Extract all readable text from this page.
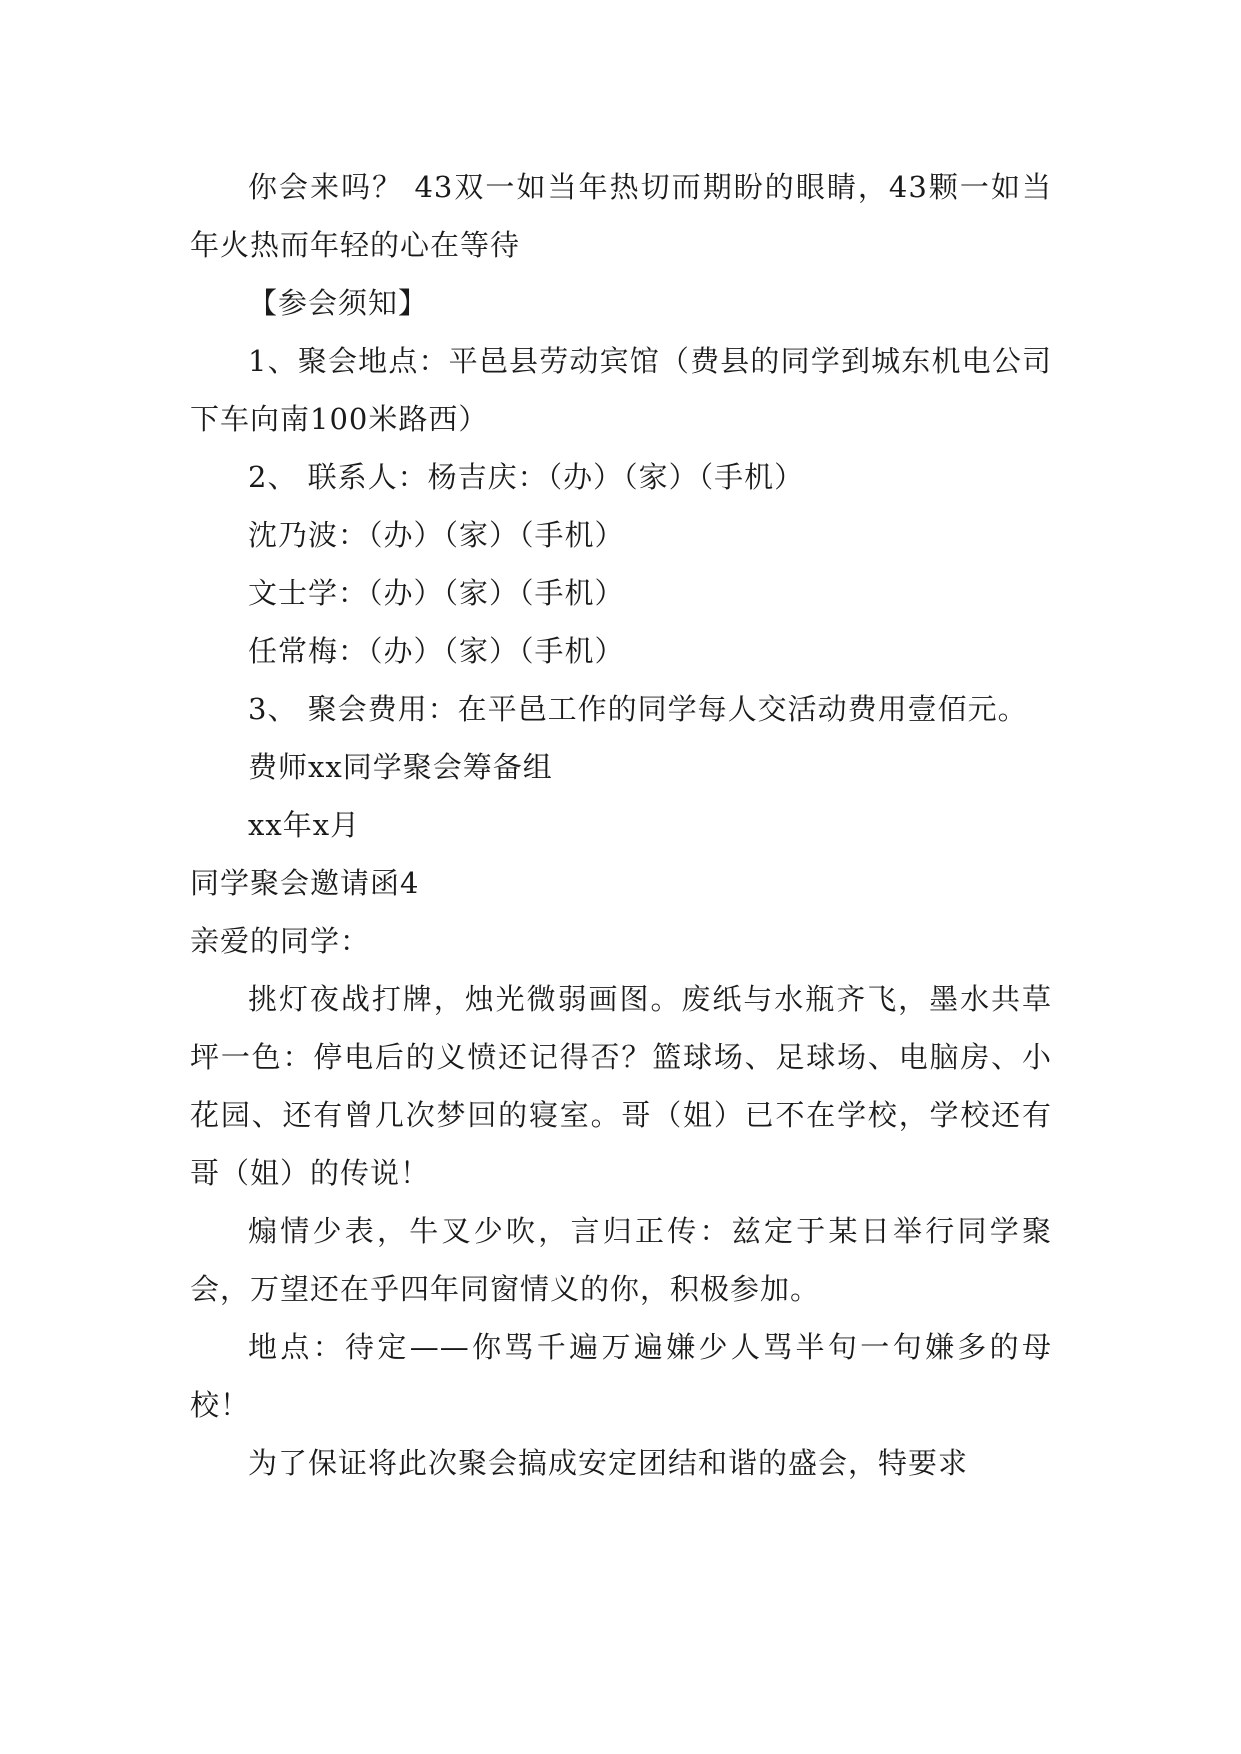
你会来吗？ 43双一如当年热切而期盼的眼睛，43颗一如当年火热而年轻的心在等待

【参会须知】

1、聚会地点：平邑县劳动宾馆（费县的同学到城东机电公司下车向南100米路西）

2、 联系人：杨吉庆：（办）（家）（手机）

沈乃波：（办）（家）（手机）

文士学：（办）（家）（手机）

任常梅：（办）（家）（手机）

3、 聚会费用：在平邑工作的同学每人交活动费用壹佰元。

费师xx同学聚会筹备组

xx年x月

同学聚会邀请函4

亲爱的同学：

挑灯夜战打牌，烛光微弱画图。废纸与水瓶齐飞，墨水共草坪一色：停电后的义愤还记得否？篮球场、足球场、电脑房、小花园、还有曾几次梦回的寝室。哥（姐）已不在学校，学校还有哥（姐）的传说！

煽情少表，牛叉少吹，言归正传：兹定于某日举行同学聚会，万望还在乎四年同窗情义的你，积极参加。

地点：待定——你骂千遍万遍嫌少人骂半句一句嫌多的母校！

为了保证将此次聚会搞成安定团结和谐的盛会，特要求
